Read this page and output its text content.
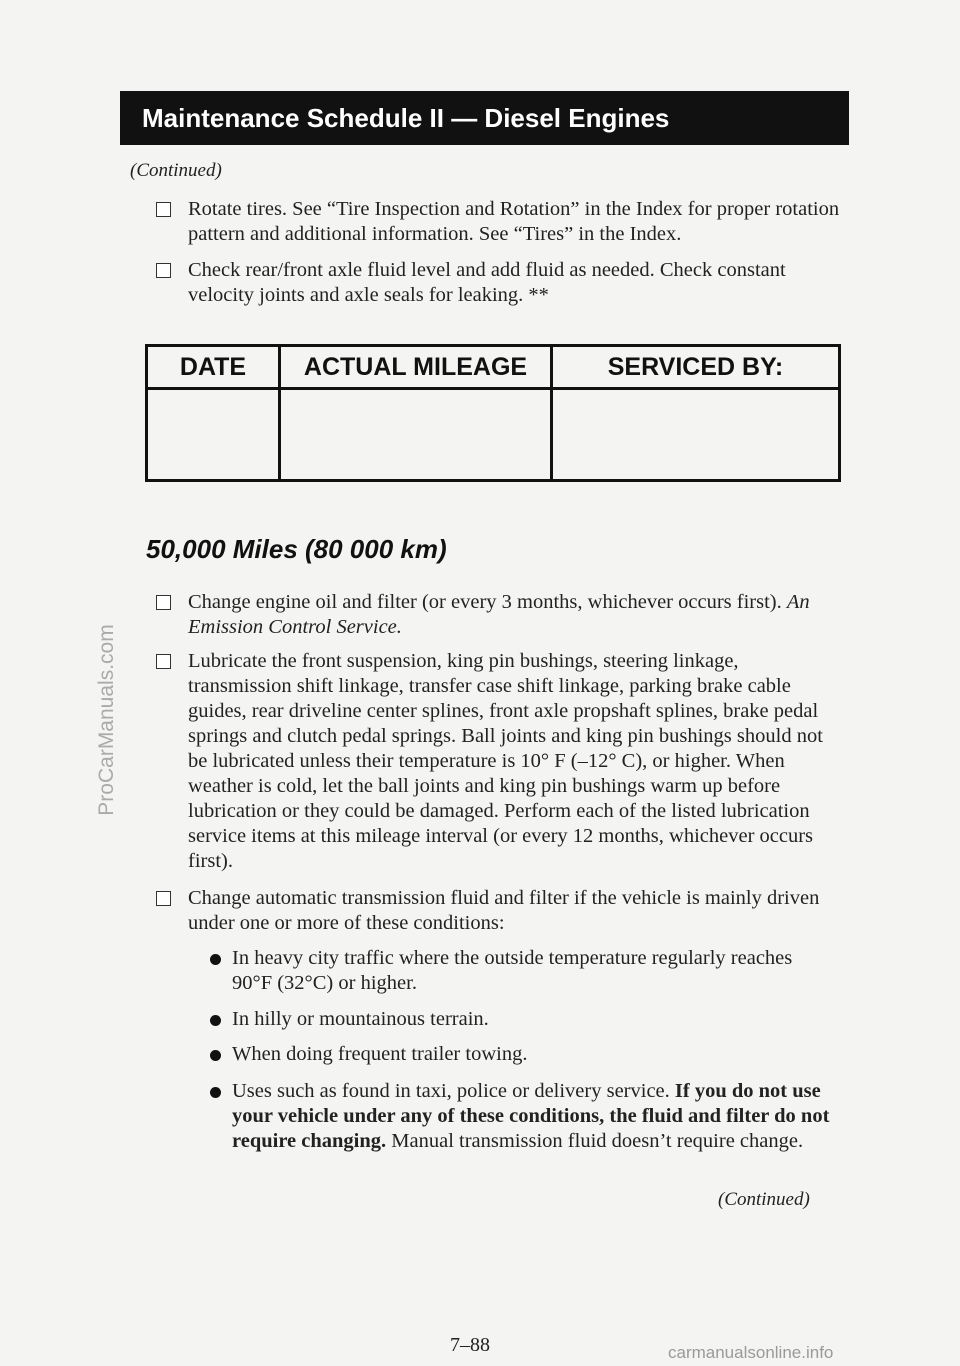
Maintenance Schedule II — Diesel Engines
(Continued)
Rotate tires. See “Tire Inspection and Rotation” in the Index for proper rotation pattern and additional information. See “Tires” in the Index.
Check rear/front axle fluid level and add fluid as needed. Check constant velocity joints and axle seals for leaking. **
DATE	ACTUAL MILEAGE	SERVICED BY:
50,000 Miles (80 000 km)
Change engine oil and filter (or every 3 months, whichever occurs first). An Emission Control Service.
Lubricate the front suspension, king pin bushings, steering linkage, transmission shift linkage, transfer case shift linkage, parking brake cable guides, rear driveline center splines, front axle propshaft splines, brake pedal springs and clutch pedal springs. Ball joints and king pin bushings should not be lubricated unless their temperature is 10° F (–12° C), or higher. When weather is cold, let the ball joints and king pin bushings warm up before lubrication or they could be damaged. Perform each of the listed lubrication service items at this mileage interval (or every 12 months, whichever occurs first).
Change automatic transmission fluid and filter if the vehicle is mainly driven under one or more of these conditions:
In heavy city traffic where the outside temperature regularly reaches 90°F (32°C) or higher.
In hilly or mountainous terrain.
When doing frequent trailer towing.
Uses such as found in taxi, police or delivery service. If you do not use your vehicle under any of these conditions, the fluid and filter do not require changing. Manual transmission fluid doesn’t require change.
(Continued)
7–88
ProCarManuals.com
carmanualsonline.info
